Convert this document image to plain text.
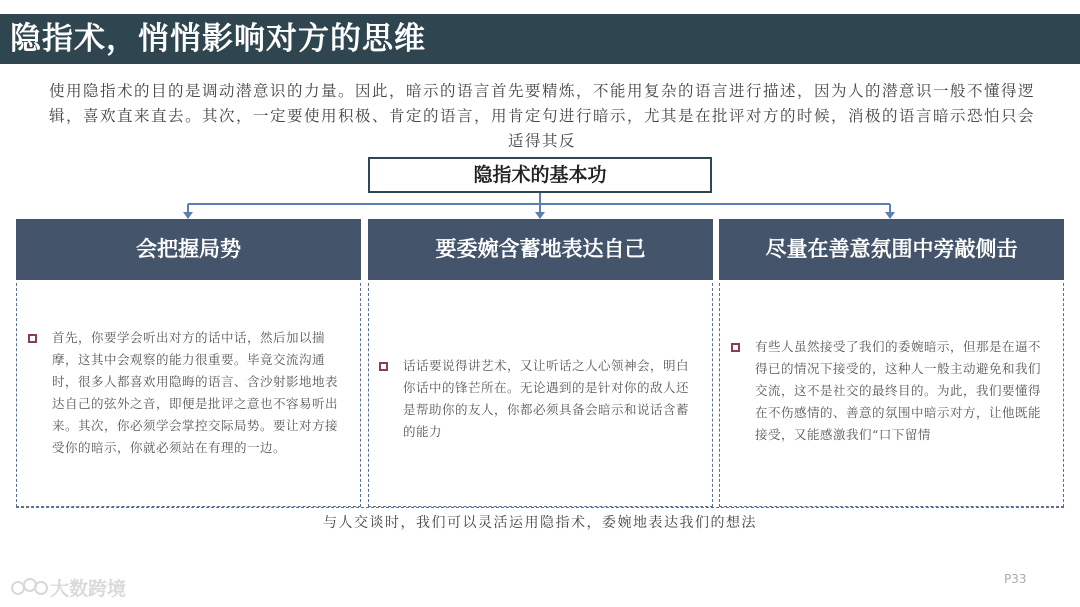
隐指术，悄悄影响对方的思维
使用隐指术的目的是调动潜意识的力量。因此，暗示的语言首先要精炼，不能用复杂的语言进行描述，因为人的潜意识一般不懂得逻辑，喜欢直来直去。其次，一定要使用积极、肯定的语言，用肯定句进行暗示，尤其是在批评对方的时候，消极的语言暗示恐怕只会适得其反
隐指术的基本功
会把握局势
首先，你要学会听出对方的话中话，然后加以揣摩，这其中会观察的能力很重要。毕竟交流沟通时，很多人都喜欢用隐晦的语言、含沙射影地地表达自己的弦外之音，即便是批评之意也不容易听出来。其次，你必须学会掌控交际局势。要让对方接受你的暗示，你就必须站在有理的一边。
要委婉含蓄地表达自己
话话要说得讲艺术，又让听话之人心领神会，明白你话中的锋芒所在。无论遇到的是针对你的敌人还是帮助你的友人，你都必须具备会暗示和说话含蓄的能力
尽量在善意氛围中旁敲侧击
有些人虽然接受了我们的委婉暗示，但那是在逼不得已的情况下接受的，这种人一般主动避免和我们交流，这不是社交的最终目的。为此，我们要懂得在不伤感情的、善意的氛围中暗示对方，让他既能接受，又能感激我们“口下留情
与人交谈时，我们可以灵活运用隐指术，委婉地表达我们的想法
大数跨境	P33
